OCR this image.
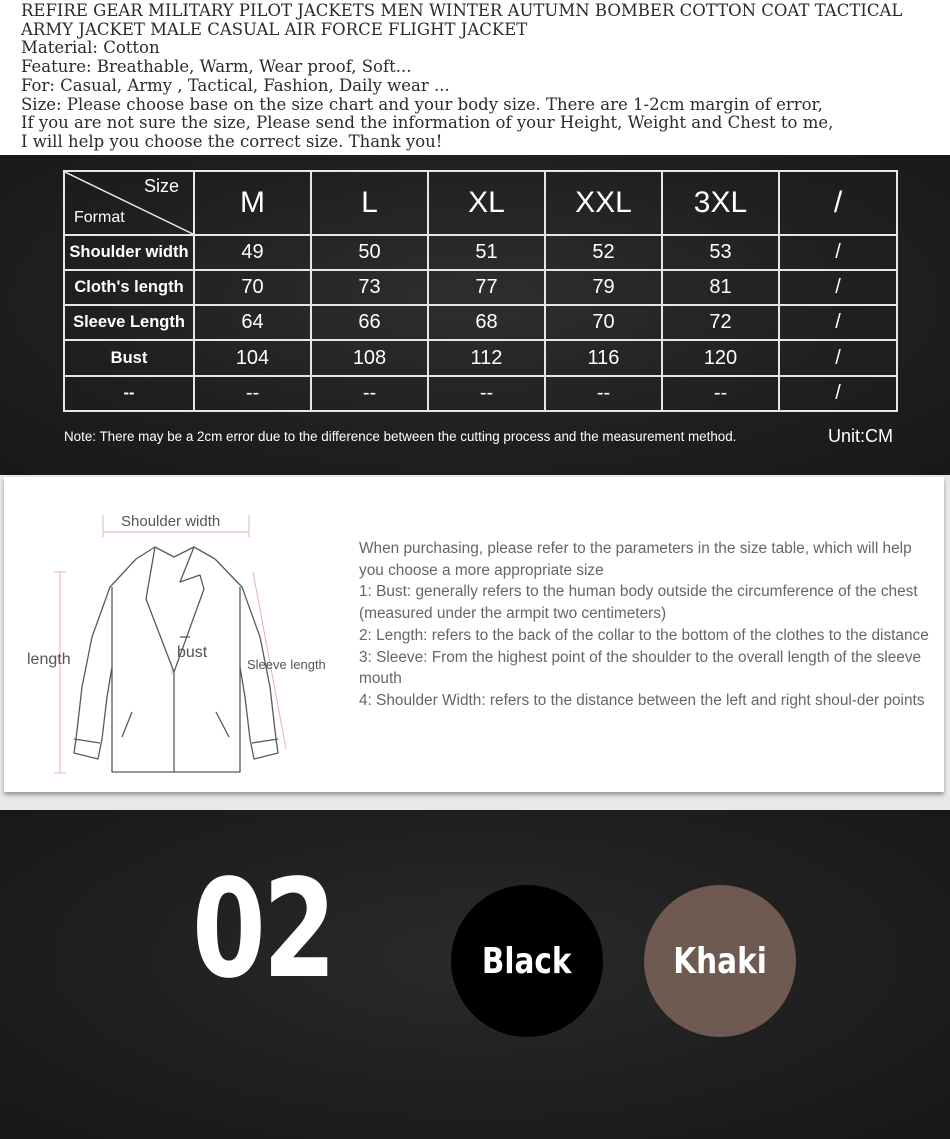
REFIRE GEAR MILITARY PILOT JACKETS MEN WINTER AUTUMN BOMBER COTTON COAT TACTICAL ARMY JACKET MALE CASUAL AIR FORCE FLIGHT JACKET
Material: Cotton
Feature: Breathable, Warm, Wear proof, Soft...
For: Casual, Army , Tactical, Fashion, Daily wear ...
Size: Please choose base on the size chart and your body size. There are 1-2cm margin of error,
If you are not sure the size, Please send the information of your Height, Weight and Chest to me,
I will help you choose the correct size. Thank you!
Size
Format	M	L	XL	XXL	3XL	/
Shoulder width	49	50	51	52	53	/
Cloth's length	70	73	77	79	81	/
Sleeve Length	64	66	68	70	72	/
Bust	104	108	112	116	120	/
--	--	--	--	--	--	/
Note: There may be a 2cm error due to the difference between the cutting process and the measurement method.	Unit:CM
Shoulder width
length	bust
Sleeve length
When purchasing, please refer to the parameters in the size table, which will help you choose a more appropriate size
1: Bust: generally refers to the human body outside the circumference of the chest (measured under the armpit two centimeters)
2: Length: refers to the back of the collar to the bottom of the clothes to the distance
3: Sleeve: From the highest point of the shoulder to the overall length of the sleeve mouth
4: Shoulder Width: refers to the distance between the left and right shoul-der points
02	Black	Khaki
